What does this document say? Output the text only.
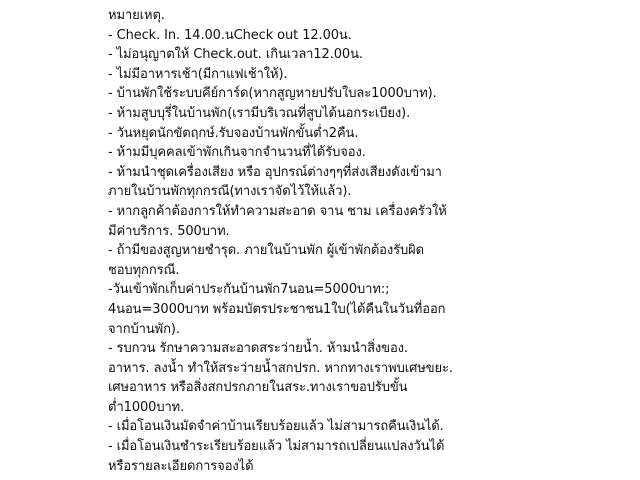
หมายเหตุ.
- Check. In. 14.00.นCheck out 12.00น.
- ไม่อนุญาตให้ Check.out. เกินเวลา12.00น.
- ไม่มีอาหารเช้า(มีกาแฟเช้าให้).
- บ้านพักใช้ระบบคีย์การ์ด(หากสูญหายปรับใบละ1000บาท).
- ห้ามสูบบุรี่ในบ้านพัก(เรามีบริเวณที่สูบได้นอกระเบียง).
- วันหยุดนักขัตฤกษ์.รับจองบ้านพักขั้นต่ำ2คืน.
- ห้ามมีบุคคลเข้าพักเกินจากจำนวนที่ได้รับจอง.
- ห้ามนำชุดเครื่องเสียง หรือ อุปกรณ์ต่างๆๆที่ส่งเสียงดังเข้ามา
ภายในบ้านพักทุกกรณี(ทางเราจัดไว้ให้แล้ว).
- หากลูกค้าต้องการให้ทำความสะอาด จาน ชาม เครื่องครัวให้
มีค่าบริการ. 500บาท.
- ถ้ามีของสูญหายชำรุด. ภายในบ้านพัก ผู้เข้าพักต้องรับผิด
ชอบทุกกรณี.
-วันเข้าพักเก็บค่าประกันบ้านพัก7นอน=5000บาท:;
4นอน=3000บาท พร้อมบัตรประชาชน1ใบ(ได้คืนในวันที่ออก
จากบ้านพัก).
- รบกวน รักษาความสะอาดสระว่ายน้ำ. ห้ามนำสิ่งของ.
อาหาร. ลงน้ำ ทำให้สระว่ายน้ำสกปรก. หากทางเราพบเศษขยะ.
เศษอาหาร หรือสิ่งสกปรกภายในสระ.ทางเราขอปรับขั้น
ต่ำ1000บาท.
- เมื่อโอนเงินมัดจำค่าบ้านเรียบร้อยแล้ว ไม่สามารถคืนเงินได้.
- เมื่อโอนเงินชำระเรียบร้อยแล้ว ไม่สามารถเปลี่ยนแปลงวันได้
หรือรายละเอียดการจองได้
